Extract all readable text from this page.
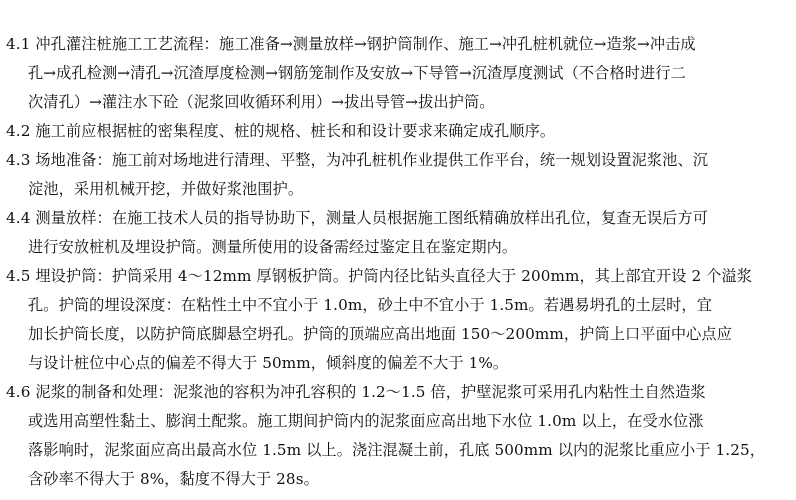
4.1 冲孔灌注桩施工工艺流程：施工准备→测量放样→钢护筒制作、施工→冲孔桩机就位→造浆→冲击成
孔→成孔检测→清孔→沉渣厚度检测→钢筋笼制作及安放→下导管→沉渣厚度测试（不合格时进行二
次清孔）→灌注水下砼（泥浆回收循环利用）→拔出导管→拔出护筒。
4.2 施工前应根据桩的密集程度、桩的规格、桩长和和设计要求来确定成孔顺序。
4.3 场地准备：施工前对场地进行清理、平整，为冲孔桩机作业提供工作平台，统一规划设置泥浆池、沉
淀池，采用机械开挖，并做好浆池围护。
4.4 测量放样：在施工技术人员的指导协助下，测量人员根据施工图纸精确放样出孔位，复查无误后方可
进行安放桩机及埋设护筒。测量所使用的设备需经过鉴定且在鉴定期内。
4.5 埋设护筒：护筒采用 4～12mm 厚钢板护筒。护筒内径比钻头直径大于 200mm，其上部宜开设 2 个溢浆
孔。护筒的埋设深度：在粘性土中不宜小于 1.0m，砂土中不宜小于 1.5m。若遇易坍孔的土层时，宜
加长护筒长度，以防护筒底脚悬空坍孔。护筒的顶端应高出地面 150～200mm，护筒上口平面中心点应
与设计桩位中心点的偏差不得大于 50mm，倾斜度的偏差不大于 1%。
4.6 泥浆的制备和处理：泥浆池的容积为冲孔容积的 1.2～1.5 倍，护壁泥浆可采用孔内粘性土自然造浆
或选用高塑性黏土、膨润土配浆。施工期间护筒内的泥浆面应高出地下水位 1.0m 以上，在受水位涨
落影响时，泥浆面应高出最高水位 1.5m 以上。浇注混凝土前，孔底 500mm 以内的泥浆比重应小于 1.25，
含砂率不得大于 8%，黏度不得大于 28s。
